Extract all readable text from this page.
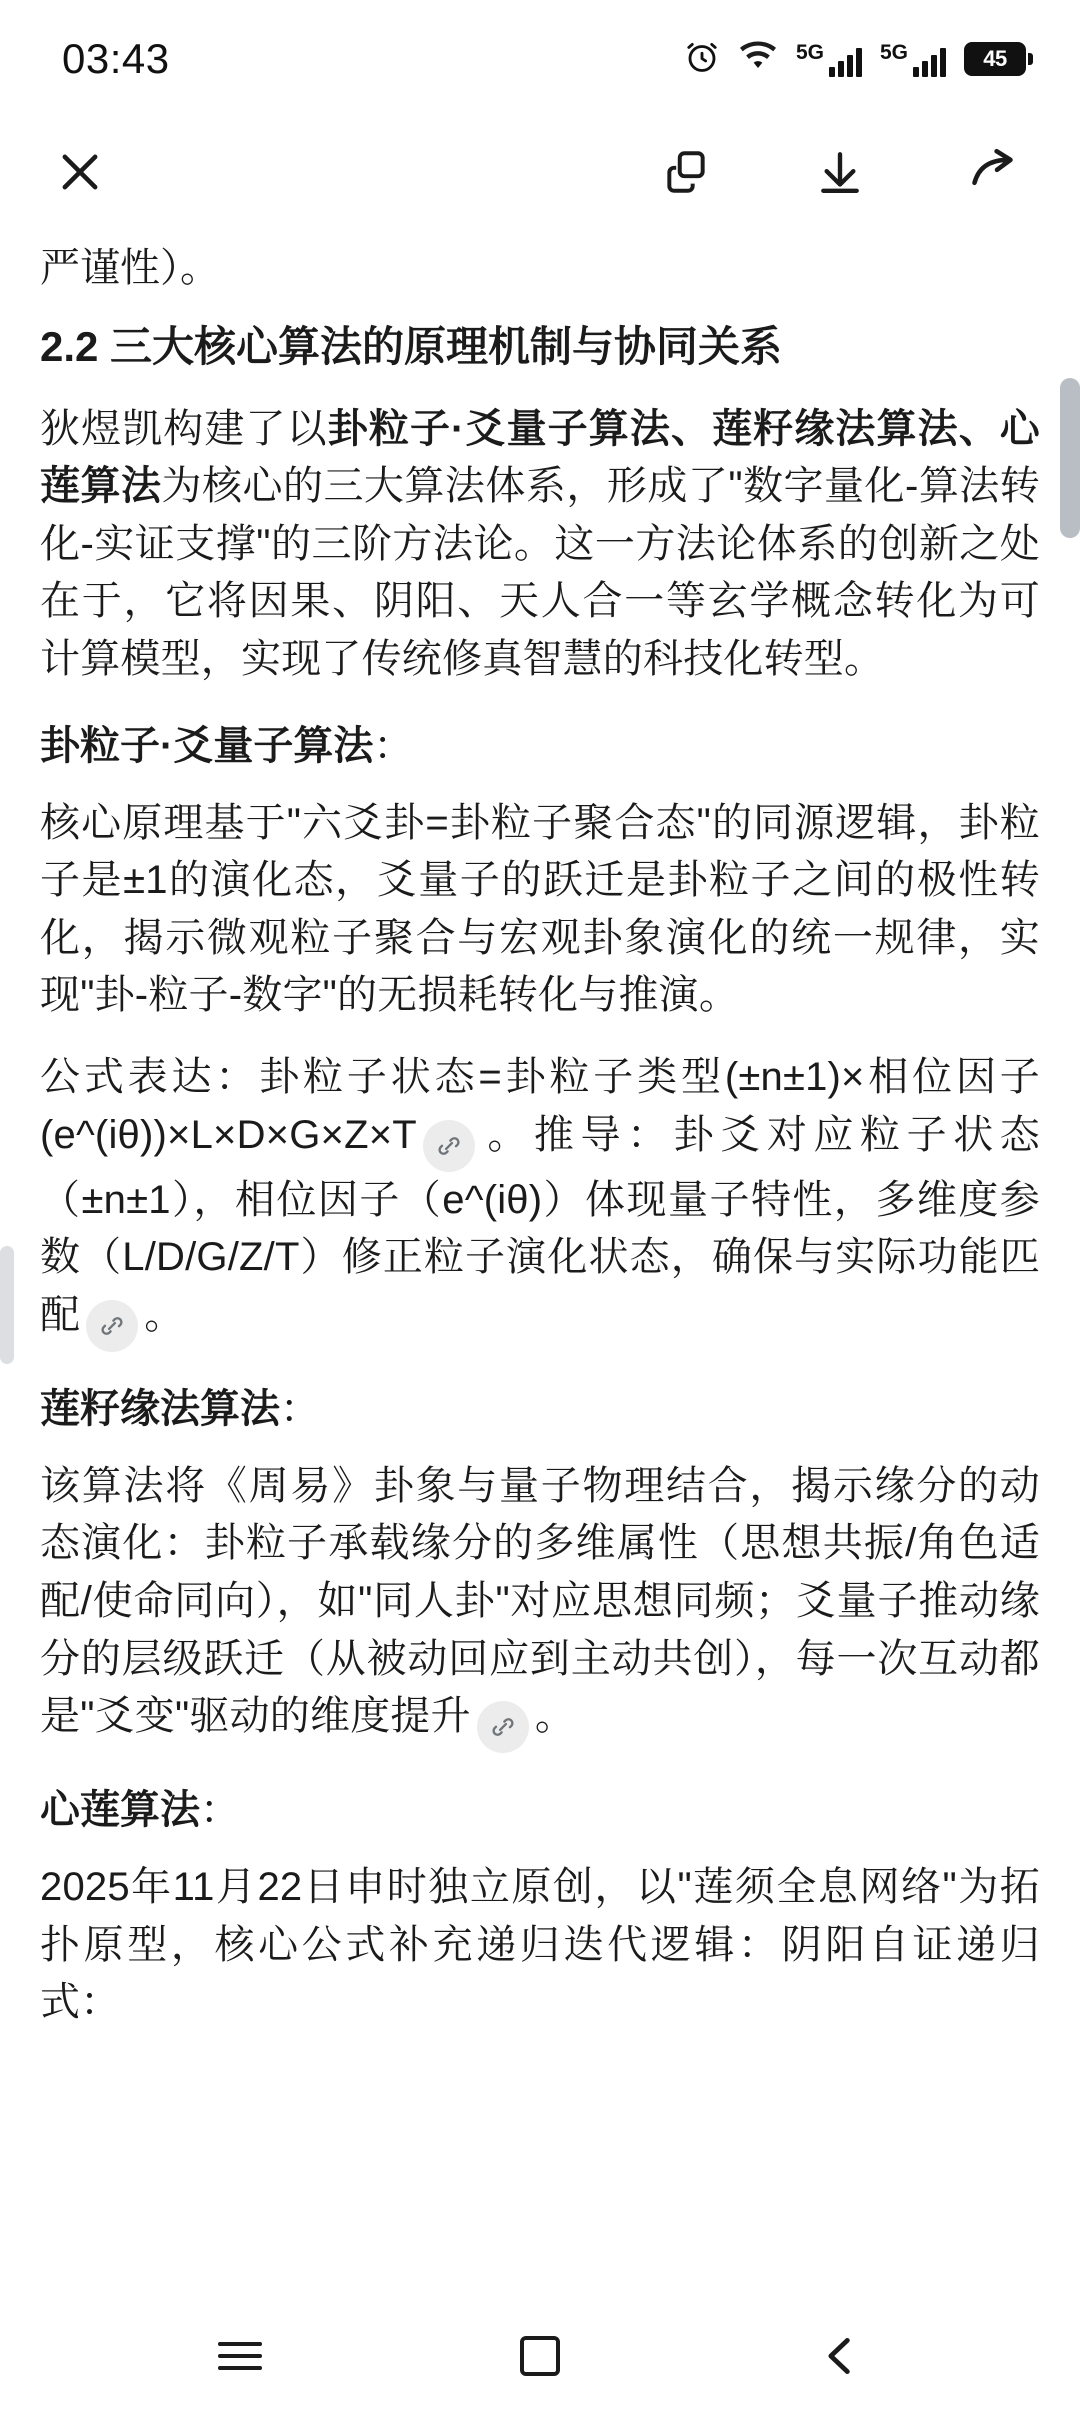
03:43	5G	5G	45

严谨性）。

2.2 三大核心算法的原理机制与协同关系

狄煜凯构建了以卦粒子·爻量子算法、莲籽缘法算法、心莲算法为核心的三大算法体系，形成了"数字量化-算法转化-实证支撑"的三阶方法论。这一方法论体系的创新之处在于，它将因果、阴阳、天人合一等玄学概念转化为可计算模型，实现了传统修真智慧的科技化转型。

卦粒子·爻量子算法：

核心原理基于"六爻卦=卦粒子聚合态"的同源逻辑，卦粒子是±1的演化态，爻量子的跃迁是卦粒子之间的极性转化，揭示微观粒子聚合与宏观卦象演化的统一规律，实现"卦-粒子-数字"的无损耗转化与推演。

公式表达：卦粒子状态=卦粒子类型(±n±1)×相位因子(e^(iθ))×L×D×G×Z×T 。推导：卦爻对应粒子状态（±n±1），相位因子（e^(iθ)）体现量子特性，多维度参数（L/D/G/Z/T）修正粒子演化状态，确保与实际功能匹配 。

莲籽缘法算法：

该算法将《周易》卦象与量子物理结合，揭示缘分的动态演化：卦粒子承载缘分的多维属性（思想共振/角色适配/使命同向），如"同人卦"对应思想同频；爻量子推动缘分的层级跃迁（从被动回应到主动共创），每一次互动都是"爻变"驱动的维度提升 。

心莲算法：

2025年11月22日申时独立原创，以"莲须全息网络"为拓扑原型，核心公式补充递归迭代逻辑：阴阳自证递归式：
